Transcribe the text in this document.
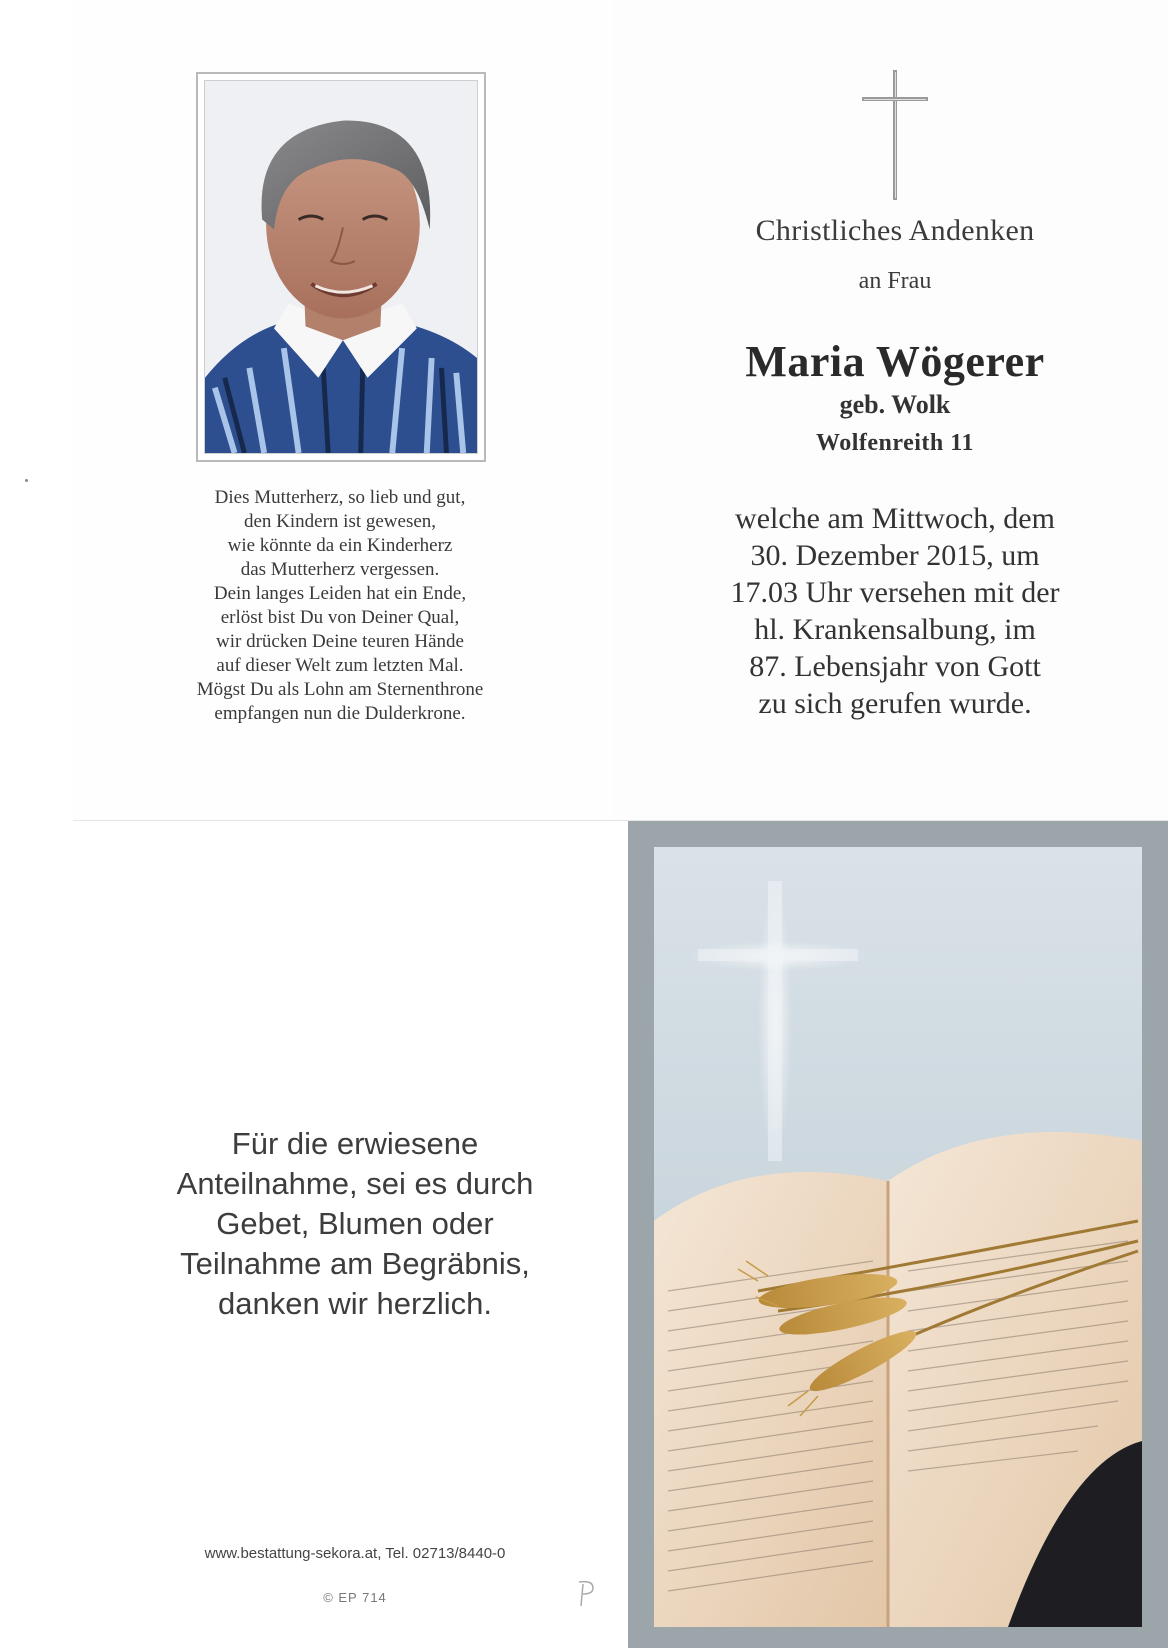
Dies Mutterherz, so lieb und gut,
den Kindern ist gewesen,
wie könnte da ein Kinderherz
das Mutterherz vergessen.
Dein langes Leiden hat ein Ende,
erlöst bist Du von Deiner Qual,
wir drücken Deine teuren Hände
auf dieser Welt zum letzten Mal.
Mögst Du als Lohn am Sternenthrone
empfangen nun die Dulderkrone.
Christliches Andenken
an Frau
Maria Wögerer
geb. Wolk
Wolfenreith 11
welche am Mittwoch, dem
30. Dezember 2015, um
17.03 Uhr versehen mit der
hl. Krankensalbung, im
87. Lebensjahr von Gott
zu sich gerufen wurde.
Für die erwiesene
Anteilnahme, sei es durch
Gebet, Blumen oder
Teilnahme am Begräbnis,
danken wir herzlich.
www.bestattung-sekora.at, Tel. 02713/8440-0
© EP 714
